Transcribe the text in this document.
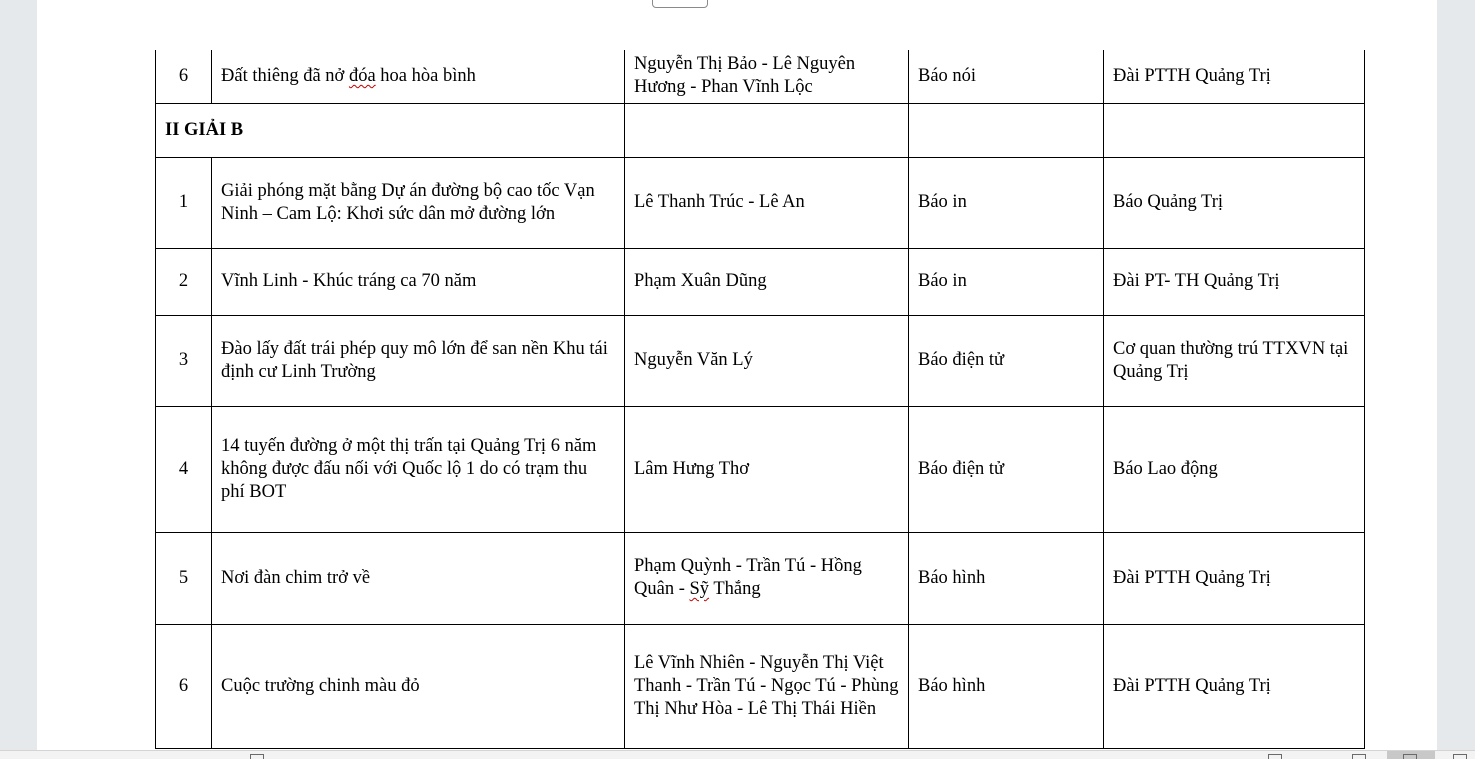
6	Đất thiêng đã nở đóa hoa hòa bình	Nguyễn Thị Bảo - Lê Nguyên Hương - Phan Vĩnh Lộc	Báo nói	Đài PTTH Quảng Trị
II GIẢI B				
1	Giải phóng mặt bằng Dự án đường bộ cao tốc Vạn Ninh – Cam Lộ: Khơi sức dân mở đường lớn	Lê Thanh Trúc - Lê An	Báo in	Báo Quảng Trị
2	Vĩnh Linh - Khúc tráng ca 70 năm	Phạm Xuân Dũng	Báo in	Đài PT- TH Quảng Trị
3	Đào lấy đất trái phép quy mô lớn để san nền Khu tái định cư Linh Trường	Nguyễn Văn Lý	Báo điện tử	Cơ quan thường trú TTXVN tại Quảng Trị
4	14 tuyến đường ở một thị trấn tại Quảng Trị 6 năm không được đấu nối với Quốc lộ 1 do có trạm thu phí BOT	Lâm Hưng Thơ	Báo điện tử	Báo Lao động
5	Nơi đàn chim trở về	Phạm Quỳnh - Trần Tú - Hồng Quân - Sỹ Thắng	Báo hình	Đài PTTH Quảng Trị
6	Cuộc trường chinh màu đỏ	Lê Vĩnh Nhiên - Nguyễn Thị Việt Thanh - Trần Tú - Ngọc Tú - Phùng Thị Như Hòa - Lê Thị Thái Hiền	Báo hình	Đài PTTH Quảng Trị
